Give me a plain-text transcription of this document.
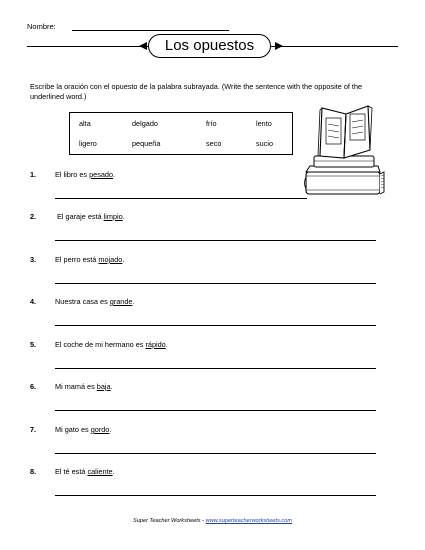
Nombre:
Los opuestos

Escribe la oración con el opuesto de la palabra subrayada. (Write the sentence with the opposite of the underlined word.)

alta	delgado	frío	lento
ligero	pequeña	seco	sucio
1.	El libro es pesado.
2.	El garaje está limpio.
3.	El perro está mojado.
4.	Nuestra casa es grande.
5.	El coche de mi hermano es rápido.
6.	Mi mamá es baja.
7.	Mi gato es gordo.
8.	El té está caliente.
Super Teacher Worksheets - www.superteacherworksheets.com
